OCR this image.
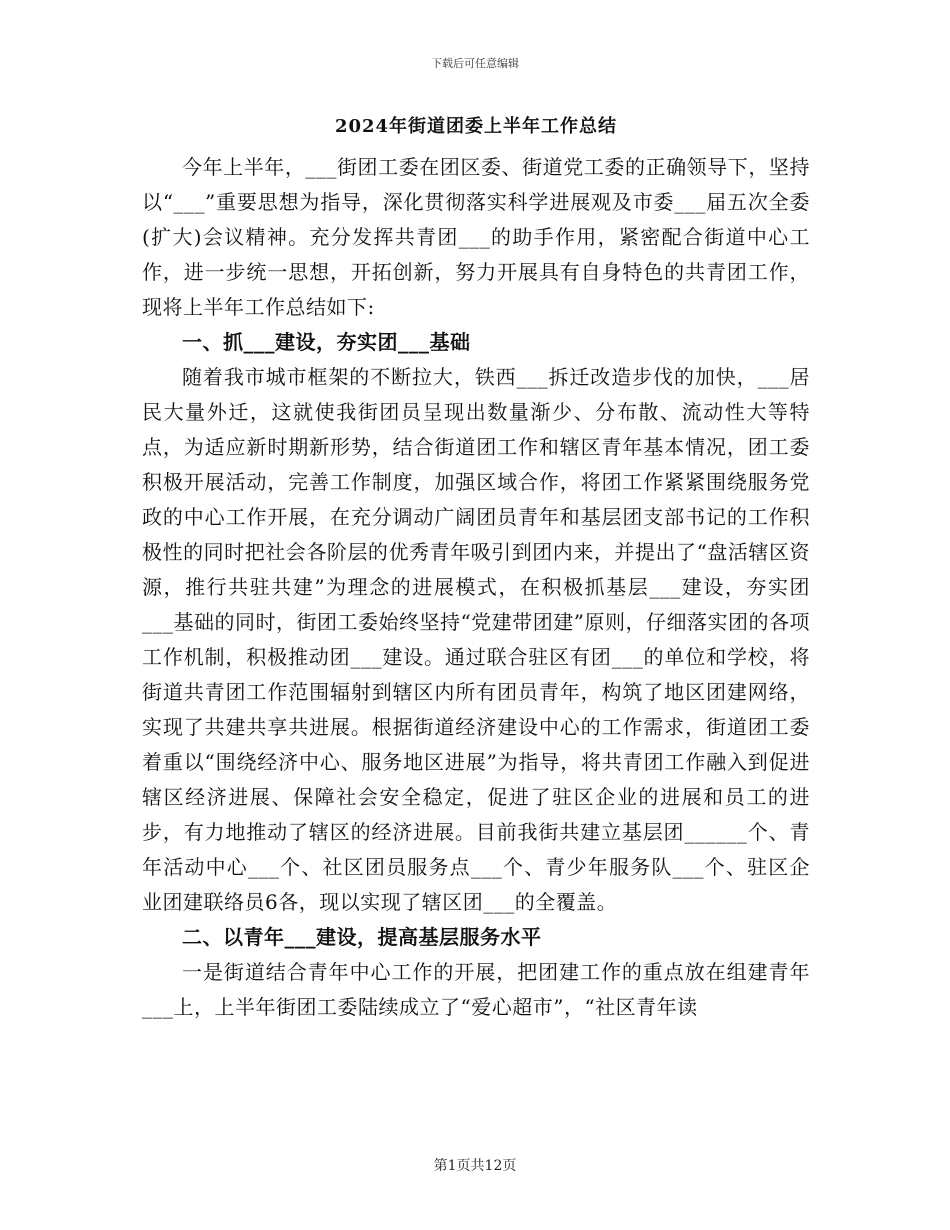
下载后可任意编辑
2024年街道团委上半年工作总结

今年上半年，___街团工委在团区委、街道党工委的正确领导下，坚持以“___”重要思想为指导，深化贯彻落实科学进展观及市委___届五次全委(扩大)会议精神。充分发挥共青团___的助手作用，紧密配合街道中心工作，进一步统一思想，开拓创新，努力开展具有自身特色的共青团工作，现将上半年工作总结如下:

一、抓___建设，夯实团___基础

随着我市城市框架的不断拉大，铁西___拆迁改造步伐的加快，___居民大量外迁，这就使我街团员呈现出数量渐少、分布散、流动性大等特点，为适应新时期新形势，结合街道团工作和辖区青年基本情况，团工委积极开展活动，完善工作制度，加强区域合作，将团工作紧紧围绕服务党政的中心工作开展，在充分调动广阔团员青年和基层团支部书记的工作积极性的同时把社会各阶层的优秀青年吸引到团内来，并提出了“盘活辖区资源，推行共驻共建”为理念的进展模式，在积极抓基层___建设，夯实团___基础的同时，街团工委始终坚持“党建带团建”原则，仔细落实团的各项工作机制，积极推动团___建设。通过联合驻区有团___的单位和学校，将街道共青团工作范围辐射到辖区内所有团员青年，构筑了地区团建网络，实现了共建共享共进展。根据街道经济建设中心的工作需求，街道团工委着重以“围绕经济中心、服务地区进展”为指导，将共青团工作融入到促进辖区经济进展、保障社会安全稳定，促进了驻区企业的进展和员工的进步，有力地推动了辖区的经济进展。目前我街共建立基层团______个、青年活动中心___个、社区团员服务点___个、青少年服务队___个、驻区企业团建联络员6各，现以实现了辖区团___的全覆盖。

二、以青年___建设，提高基层服务水平

一是街道结合青年中心工作的开展，把团建工作的重点放在组建青年___上，上半年街团工委陆续成立了“爱心超市”，“社区青年读

第1页共12页
